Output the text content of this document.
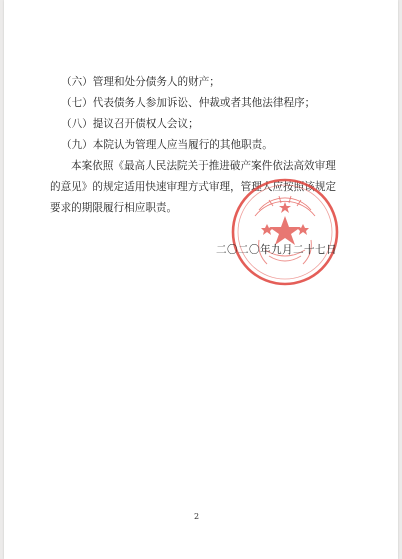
（六）管理和处分债务人的财产；
（七）代表债务人参加诉讼、仲裁或者其他法律程序；
（八）提议召开债权人会议；
（九）本院认为管理人应当履行的其他职责。
本案依照《最高人民法院关于推进破产案件依法高效审理
的意见》的规定适用快速审理方式审理，管理人应按照该规定
要求的期限履行相应职责。
二〇二〇年九月二十七日
2
